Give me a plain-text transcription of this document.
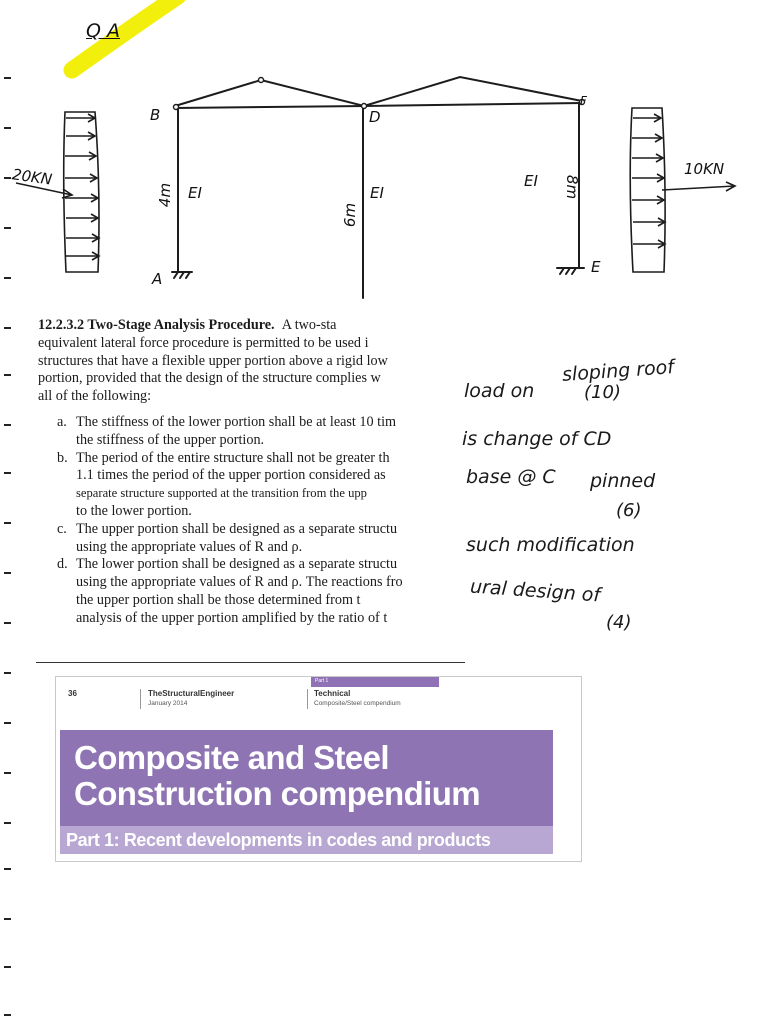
Q A
20KN	10KN
B	D
F
A
E
4m EI
6m
EI
EI 8m

12.2.3.2 Two-Stage Analysis Procedure. A two-sta

equivalent lateral force procedure is permitted to be used i

structures that have a flexible upper portion above a rigid low

portion, provided that the design of the structure complies w

all of the following:

a. The stiffness of the lower portion shall be at least 10 tim

the stiffness of the upper portion.

b. The period of the entire structure shall not be greater th

1.1 times the period of the upper portion considered as

separate structure supported at the transition from the upp

to the lower portion.

c. The upper portion shall be designed as a separate structu

using the appropriate values of R and ρ.

d. The lower portion shall be designed as a separate structu

using the appropriate values of R and ρ. The reactions fro

the upper portion shall be those determined from t

analysis of the upper portion amplified by the ratio of t

load on
sloping roof
(10)
is change of CD
base @ C pinned
(6)
such modification
ural design of
(4)
Part 1
36	TheStructuralEngineer
January 2014
Technical
Composite/Steel compendium
Composite and Steel
Construction compendium
Part 1: Recent developments in codes and products
